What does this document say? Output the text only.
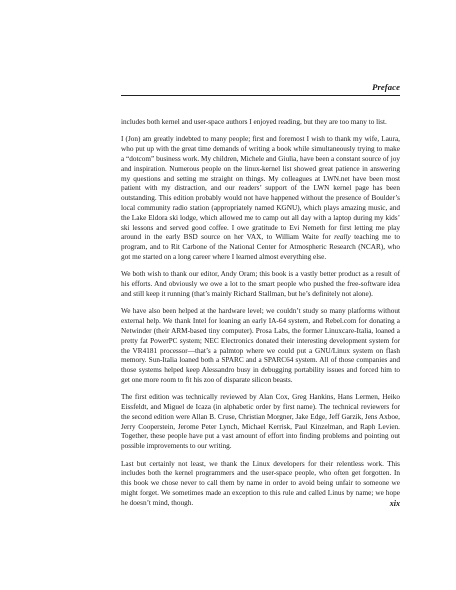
Preface

includes both kernel and user-space authors I enjoyed reading, but they are too many to list.

I (Jon) am greatly indebted to many people; first and foremost I wish to thank my wife, Laura, who put up with the great time demands of writing a book while simultaneously trying to make a “dotcom” business work. My children, Michele and Giulia, have been a constant source of joy and inspiration. Numerous people on the linux-kernel list showed great patience in answering my questions and setting me straight on things. My colleagues at LWN.net have been most patient with my distraction, and our readers’ support of the LWN kernel page has been outstanding. This edition probably would not have happened without the presence of Boulder’s local community radio station (appropriately named KGNU), which plays amazing music, and the Lake Eldora ski lodge, which allowed me to camp out all day with a laptop during my kids’ ski lessons and served good coffee. I owe gratitude to Evi Nemeth for first letting me play around in the early BSD source on her VAX, to William Waite for really teaching me to program, and to Rit Carbone of the National Center for Atmospheric Research (NCAR), who got me started on a long career where I learned almost everything else.

We both wish to thank our editor, Andy Oram; this book is a vastly better product as a result of his efforts. And obviously we owe a lot to the smart people who pushed the free-software idea and still keep it running (that’s mainly Richard Stallman, but he’s definitely not alone).

We have also been helped at the hardware level; we couldn’t study so many platforms without external help. We thank Intel for loaning an early IA-64 system, and Rebel.com for donating a Netwinder (their ARM-based tiny computer). Prosa Labs, the former Linuxcare-Italia, loaned a pretty fat PowerPC system; NEC Electronics donated their interesting development system for the VR4181 processor—that’s a palmtop where we could put a GNU/Linux system on flash memory. Sun-Italia loaned both a SPARC and a SPARC64 system. All of those companies and those systems helped keep Alessandro busy in debugging portability issues and forced him to get one more room to fit his zoo of disparate silicon beasts.

The first edition was technically reviewed by Alan Cox, Greg Hankins, Hans Lermen, Heiko Eissfeldt, and Miguel de Icaza (in alphabetic order by first name). The technical reviewers for the second edition were Allan B. Cruse, Christian Morgner, Jake Edge, Jeff Garzik, Jens Axboe, Jerry Cooperstein, Jerome Peter Lynch, Michael Kerrisk, Paul Kinzelman, and Raph Levien. Together, these people have put a vast amount of effort into finding problems and pointing out possible improvements to our writing.

Last but certainly not least, we thank the Linux developers for their relentless work. This includes both the kernel programmers and the user-space people, who often get forgotten. In this book we chose never to call them by name in order to avoid being unfair to someone we might forget. We sometimes made an exception to this rule and called Linus by name; we hope he doesn’t mind, though.	xix
